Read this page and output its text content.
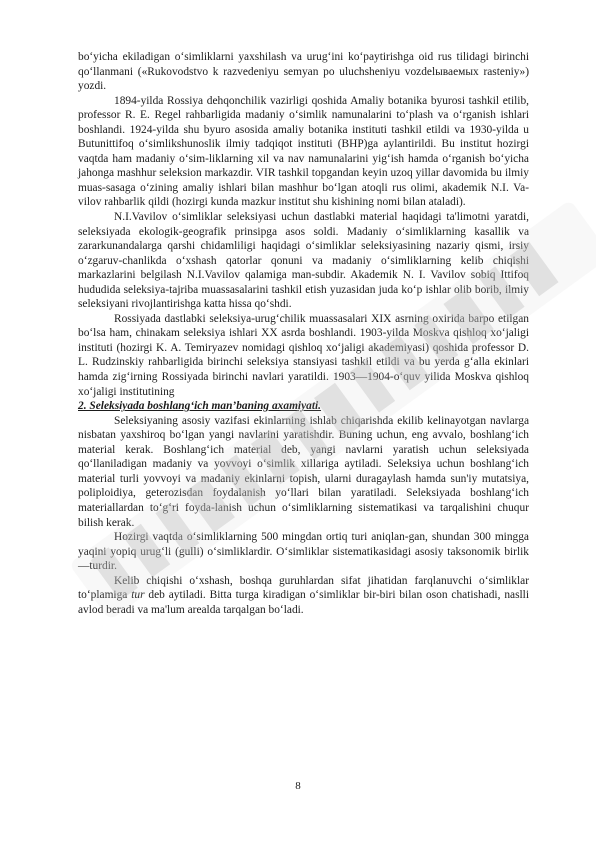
bo‘yicha ekiladigan o‘simliklarni yaxshilash va urug‘ini ko‘paytirishga oid rus tilidagi birinchi qo‘llanmani («Rukovodstvo k razvedeniyu semyan po uluchsheniyu vozdelываемых rasteniy») yozdi.

1894-yilda Rossiya dehqonchilik vazirligi qoshida Amaliy botanika byurosi tashkil etilib, professor R. E. Regel rahbarligida madaniy o‘simlik namunalarini to‘plash va o‘rganish ishlari boshlandi. 1924-yilda shu byuro asosida amaliy botanika instituti tashkil etildi va 1930-yilda u Butunittifoq o‘simlikshunoslik ilmiy tadqiqot instituti (BHP)ga aylantirildi. Bu institut hozirgi vaqtda ham madaniy o‘sim-liklarning xil va nav namunalarini yig‘ish hamda o‘rganish bo‘yicha jahonga mashhur seleksion markazdir. VIR tashkil topgandan keyin uzoq yillar davomida bu ilmiy muas-sasaga o‘zining amaliy ishlari bilan mashhur bo‘lgan atoqli rus olimi, akademik N.I. Va-vilov rahbarlik qildi (hozirgi kunda mazkur institut shu kishining nomi bilan ataladi).

N.I.Vavilov o‘simliklar seleksiyasi uchun dastlabki material haqidagi ta'limotni yaratdi, seleksiyada ekologik-geografik prinsipga asos soldi. Madaniy o‘simliklarning kasallik va zararkunandalarga qarshi chidamliligi haqidagi o‘simliklar seleksiyasining nazariy qismi, irsiy o‘zgaruv-chanlikda o‘xshash qatorlar qonuni va madaniy o‘simliklarning kelib chiqishi markazlarini belgilash N.I.Vavilov qalamiga man-subdir. Akademik N. I. Vavilov sobiq Ittifoq hududida seleksiya-tajriba muassasalarini tashkil etish yuzasidan juda ko‘p ishlar olib borib, ilmiy seleksiyani rivojlantirishga katta hissa qo‘shdi.

Rossiyada dastlabki seleksiya-urug‘chilik muassasalari XIX asrning oxirida barpo etilgan bo‘lsa ham, chinakam seleksiya ishlari XX asrda boshlandi. 1903-yilda Moskva qishloq xo‘jaligi instituti (hozirgi K. A. Temiryazev nomidagi qishloq xo‘jaligi akademiyasi) qoshida professor D. L. Rudzinskiy rahbarligida birinchi seleksiya stansiyasi tashkil etildi va bu yerda g‘alla ekinlari hamda zig‘irning Rossiyada birinchi navlari yaratildi. 1903—1904-o‘quv yilida Moskva qishloq xo‘jaligi institutining

2. Seleksiyada boshlang‘ich man’baning axamiyati.

Seleksiyaning asosiy vazifasi ekinlarning ishlab chiqarishda ekilib kelinayotgan navlarga nisbatan yaxshiroq bo‘lgan yangi navlarini yaratishdir. Buning uchun, eng avvalo, boshlang‘ich material kerak. Boshlang‘ich material deb, yangi navlarni yaratish uchun seleksiyada qo‘llaniladigan madaniy va yovvoyi o‘simlik xillariga aytiladi. Seleksiya uchun boshlang‘ich material turli yovvoyi va madaniy ekinlarni topish, ularni duragaylash hamda sun'iy mutatsiya, poliploidiya, geterozisdan foydalanish yo‘llari bilan yaratiladi. Seleksiyada boshlang‘ich materiallardan to‘g‘ri foyda-lanish uchun o‘simliklarning sistematikasi va tarqalishini chuqur bilish kerak.

Hozirgi vaqtda o‘simliklarning 500 mingdan ortiq turi aniqlan-gan, shundan 300 mingga yaqini yopiq urug‘li (gulli) o‘simliklardir. O‘simliklar sistematikasidagi asosiy taksonomik birlik—turdir.

Kelib chiqishi o‘xshash, boshqa guruhlardan sifat jihatidan farqlanuvchi o‘simliklar to‘plamiga tur deb aytiladi. Bitta turga kiradigan o‘simliklar bir-biri bilan oson chatishadi, naslli avlod beradi va ma'lum arealda tarqalgan bo‘ladi.

8
